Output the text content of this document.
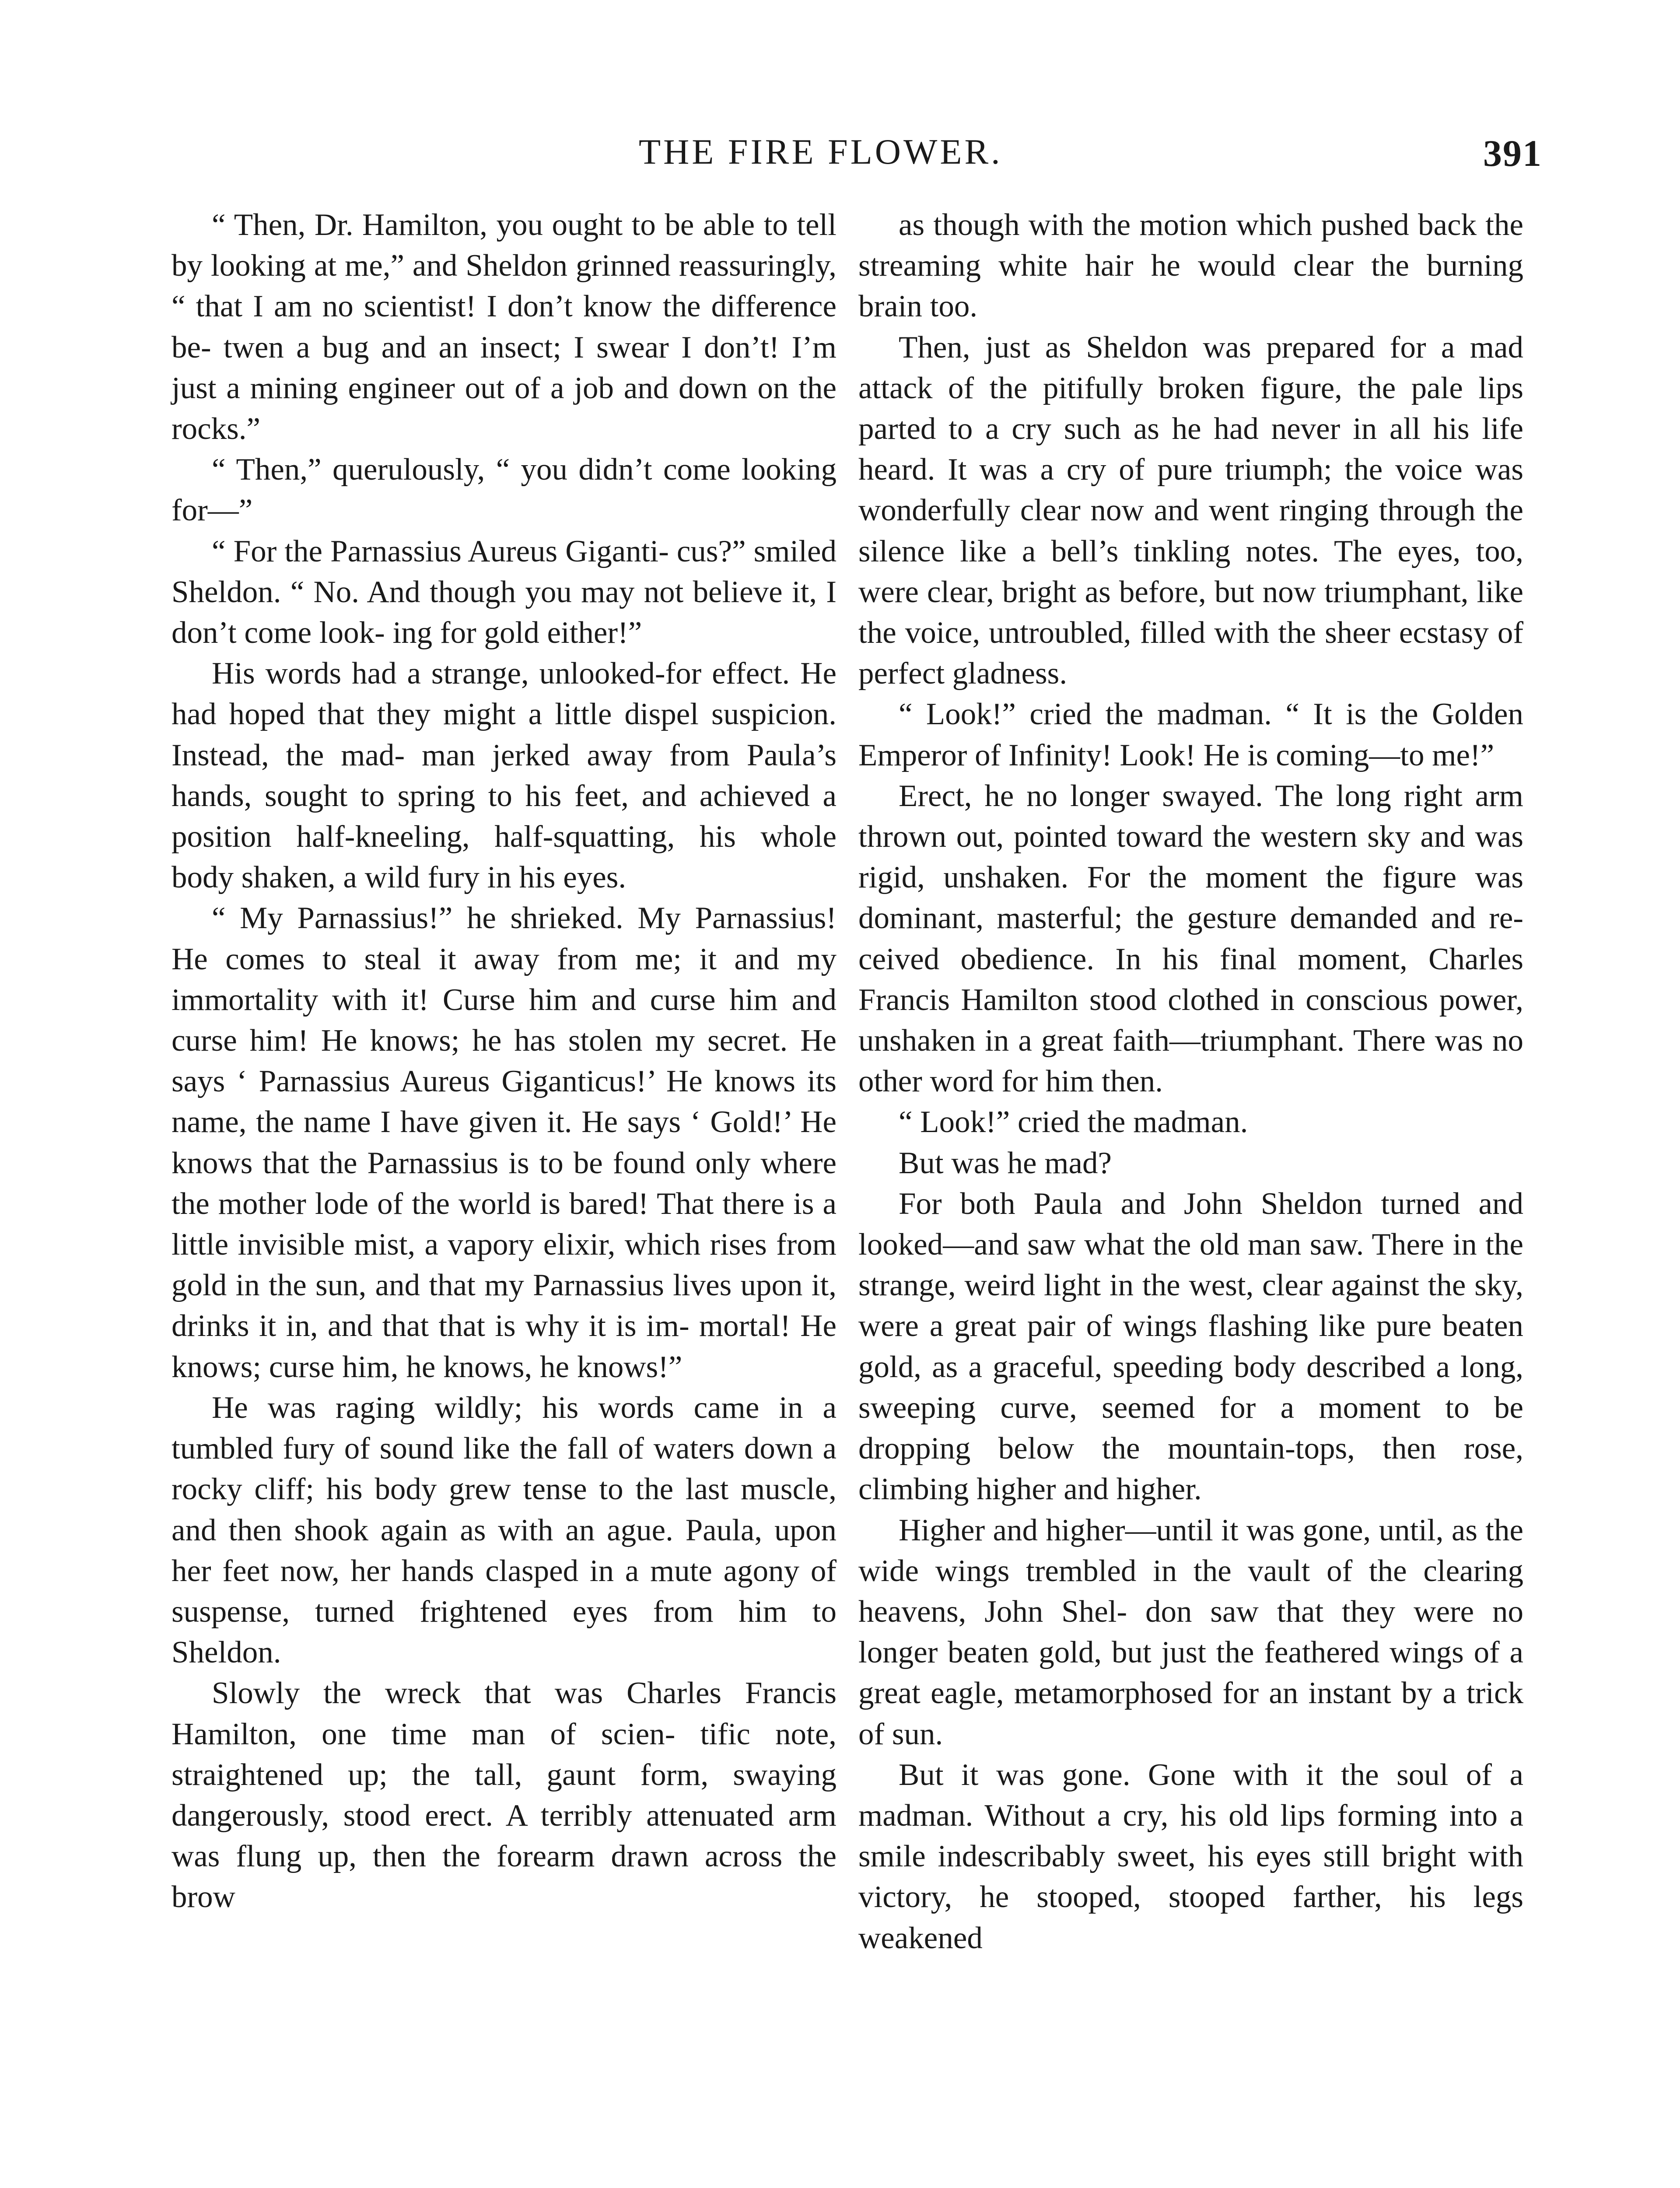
THE FIRE FLOWER.	391

“ Then, Dr. Hamilton, you ought to be able to tell by looking at me,” and Sheldon grinned reassuringly, “ that I am no scientist! I don’t know the difference be- twen a bug and an insect; I swear I don’t! I’m just a mining engineer out of a job and down on the rocks.”

“ Then,” querulously, “ you didn’t come looking for—”

“ For the Parnassius Aureus Giganti- cus?” smiled Sheldon. “ No. And though you may not believe it, I don’t come look- ing for gold either!”

His words had a strange, unlooked-for effect. He had hoped that they might a little dispel suspicion. Instead, the mad- man jerked away from Paula’s hands, sought to spring to his feet, and achieved a position half-kneeling, half-squatting, his whole body shaken, a wild fury in his eyes.

“ My Parnassius!” he shrieked. My Parnassius! He comes to steal it away from me; it and my immortality with it! Curse him and curse him and curse him! He knows; he has stolen my secret. He says ‘ Parnassius Aureus Giganticus!’ He knows its name, the name I have given it. He says ‘ Gold!’ He knows that the Parnassius is to be found only where the mother lode of the world is bared! That there is a little invisible mist, a vapory elixir, which rises from gold in the sun, and that my Parnassius lives upon it, drinks it in, and that that is why it is im- mortal! He knows; curse him, he knows, he knows!”

He was raging wildly; his words came in a tumbled fury of sound like the fall of waters down a rocky cliff; his body grew tense to the last muscle, and then shook again as with an ague. Paula, upon her feet now, her hands clasped in a mute agony of suspense, turned frightened eyes from him to Sheldon.

Slowly the wreck that was Charles Francis Hamilton, one time man of scien- tific note, straightened up; the tall, gaunt form, swaying dangerously, stood erect. A terribly attenuated arm was flung up, then the forearm drawn across the brow

as though with the motion which pushed back the streaming white hair he would clear the burning brain too.

Then, just as Sheldon was prepared for a mad attack of the pitifully broken figure, the pale lips parted to a cry such as he had never in all his life heard. It was a cry of pure triumph; the voice was wonderfully clear now and went ringing through the silence like a bell’s tinkling notes. The eyes, too, were clear, bright as before, but now triumphant, like the voice, untroubled, filled with the sheer ecstasy of perfect gladness.

“ Look!” cried the madman. “ It is the Golden Emperor of Infinity! Look! He is coming—to me!”

Erect, he no longer swayed. The long right arm thrown out, pointed toward the western sky and was rigid, unshaken. For the moment the figure was dominant, masterful; the gesture demanded and re- ceived obedience. In his final moment, Charles Francis Hamilton stood clothed in conscious power, unshaken in a great faith—triumphant. There was no other word for him then.

“ Look!” cried the madman.

But was he mad?

For both Paula and John Sheldon turned and looked—and saw what the old man saw. There in the strange, weird light in the west, clear against the sky, were a great pair of wings flashing like pure beaten gold, as a graceful, speeding body described a long, sweeping curve, seemed for a moment to be dropping below the mountain-tops, then rose, climbing higher and higher.

Higher and higher—until it was gone, until, as the wide wings trembled in the vault of the clearing heavens, John Shel- don saw that they were no longer beaten gold, but just the feathered wings of a great eagle, metamorphosed for an instant by a trick of sun.

But it was gone. Gone with it the soul of a madman. Without a cry, his old lips forming into a smile indescribably sweet, his eyes still bright with victory, he stooped, stooped farther, his legs weakened
